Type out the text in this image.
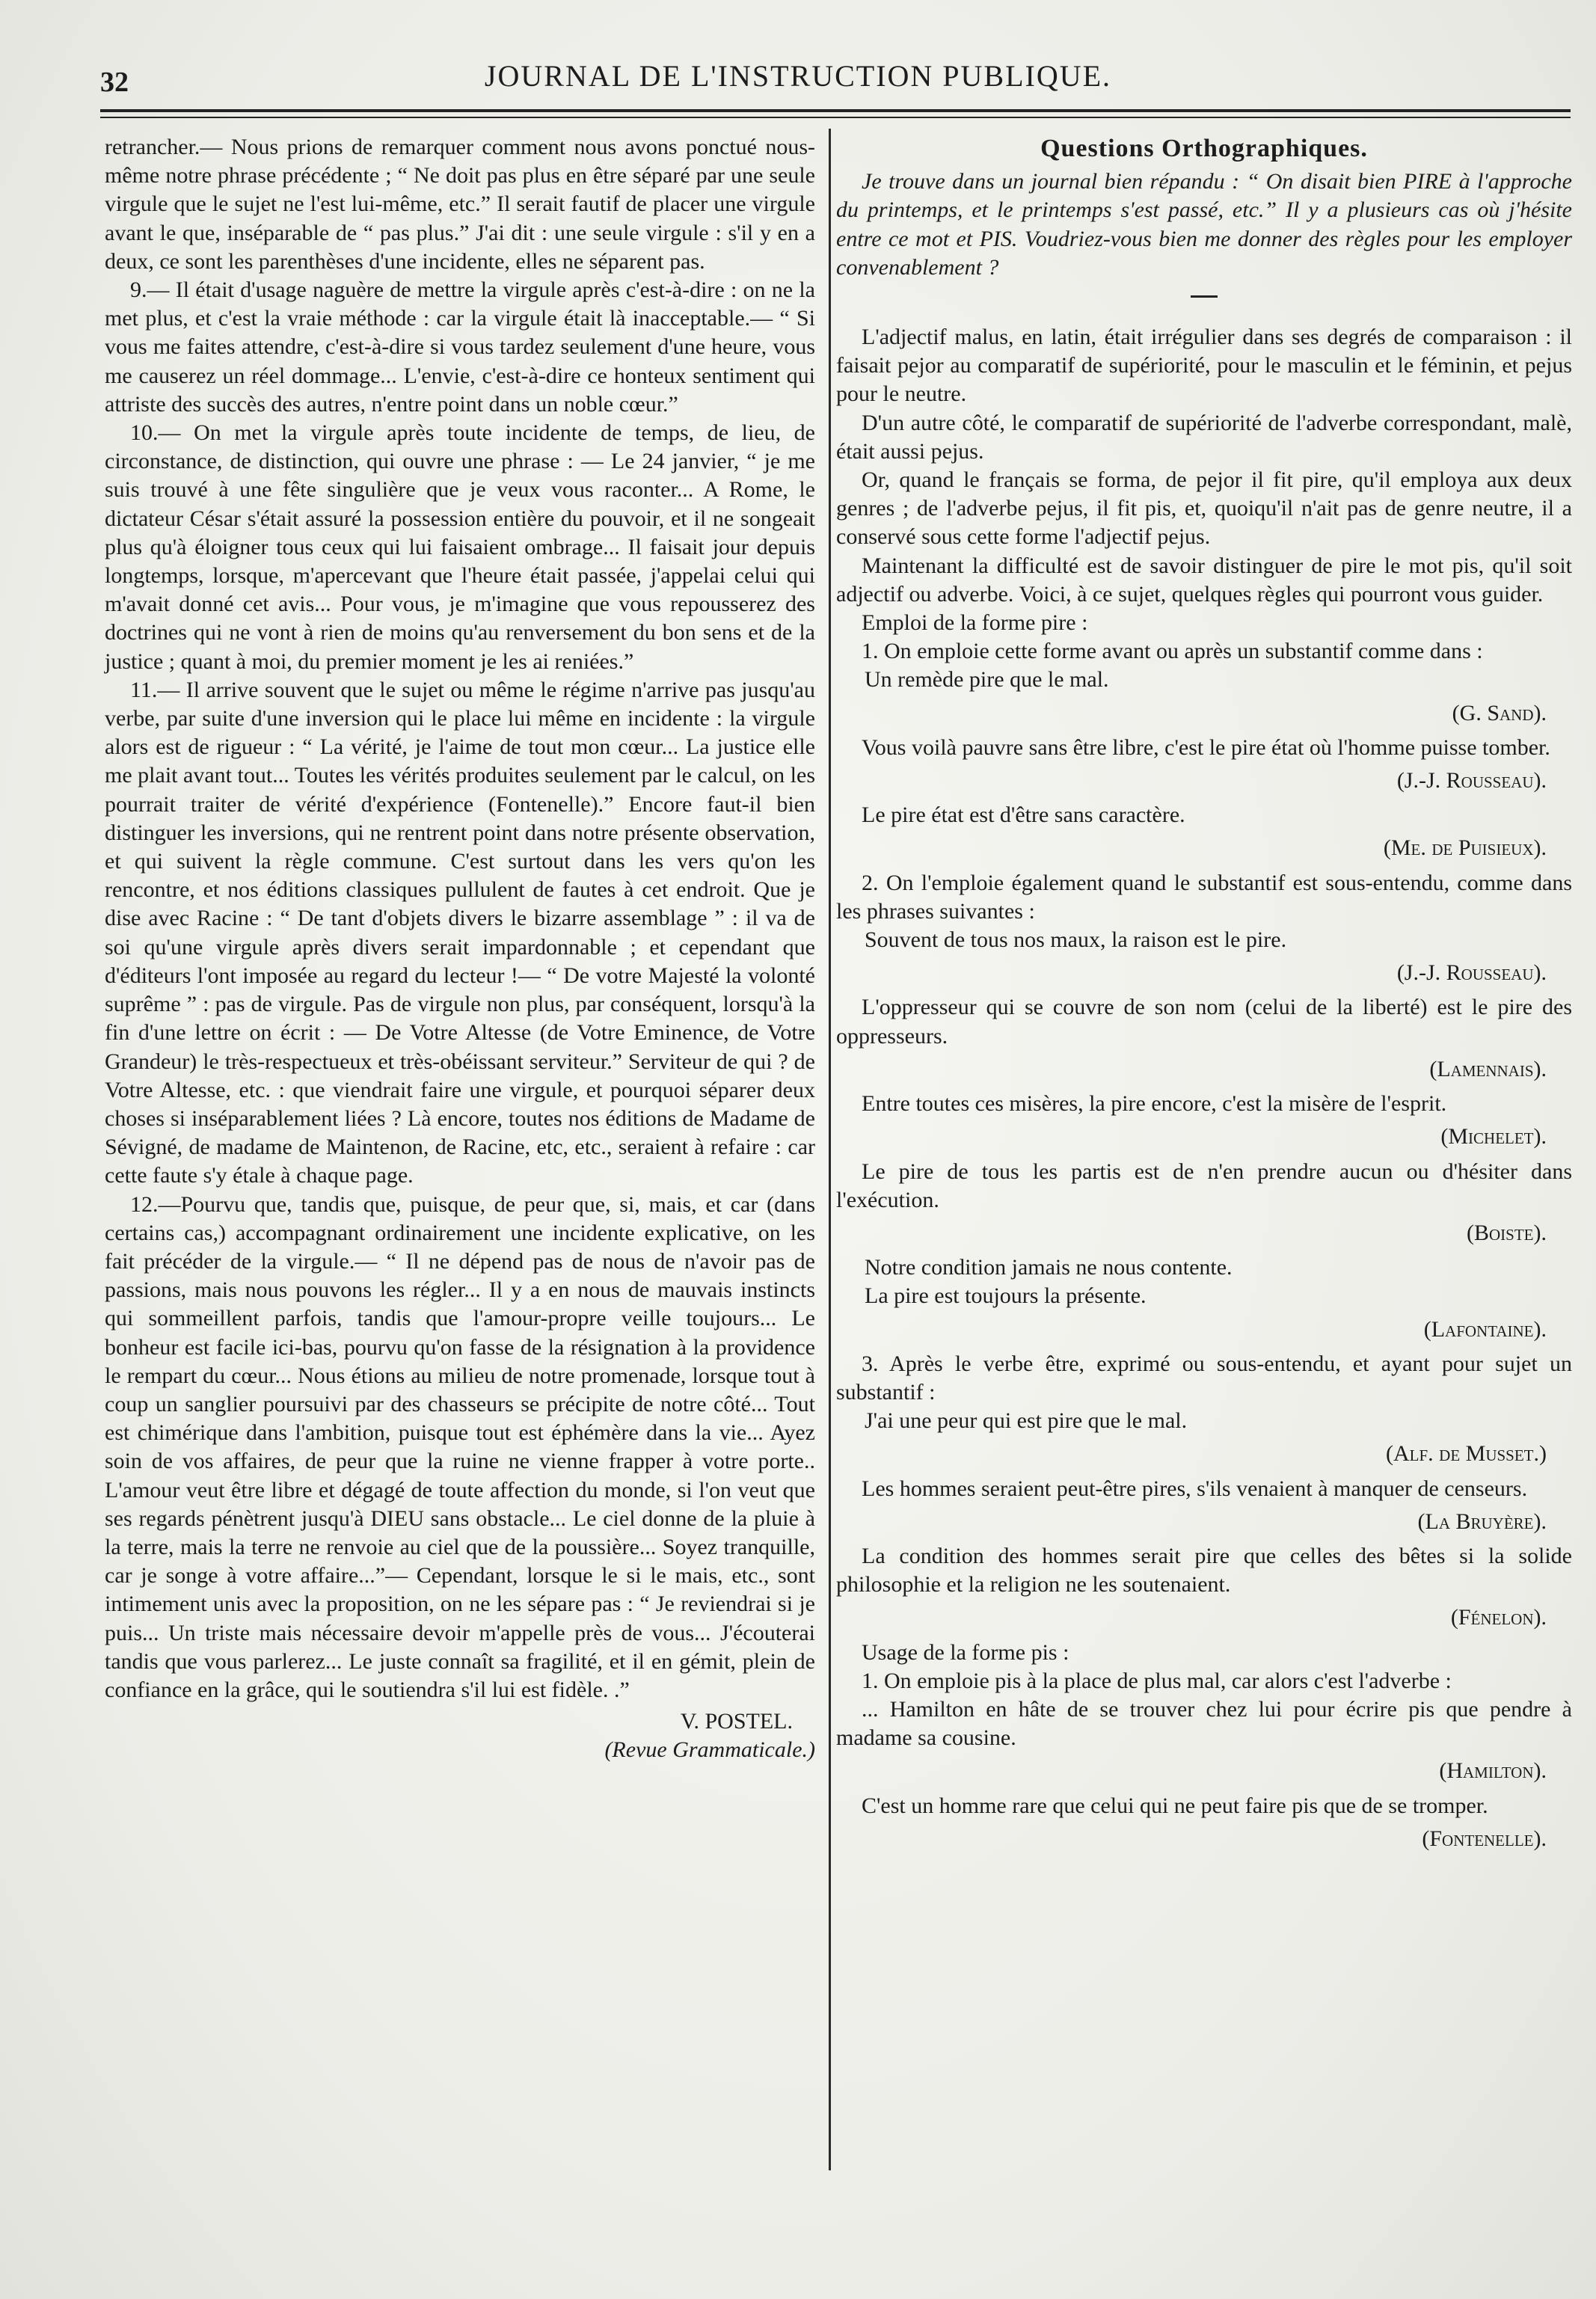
32	JOURNAL DE L'INSTRUCTION PUBLIQUE.

retrancher.— Nous prions de remarquer comment nous avons ponctué nous-même notre phrase précédente ; “ Ne doit pas plus en être séparé par une seule virgule que le sujet ne l'est lui-même, etc.” Il serait fautif de placer une virgule avant le que, inséparable de “ pas plus.” J'ai dit : une seule virgule : s'il y en a deux, ce sont les parenthèses d'une incidente, elles ne séparent pas.

9.— Il était d'usage naguère de mettre la virgule après c'est-à-dire : on ne la met plus, et c'est la vraie méthode : car la virgule était là inacceptable.— “ Si vous me faites attendre, c'est-à-dire si vous tardez seulement d'une heure, vous me causerez un réel dommage... L'envie, c'est-à-dire ce honteux sentiment qui attriste des succès des autres, n'entre point dans un noble cœur.”

10.— On met la virgule après toute incidente de temps, de lieu, de circonstance, de distinction, qui ouvre une phrase : — Le 24 janvier, “ je me suis trouvé à une fête singulière que je veux vous raconter... A Rome, le dictateur César s'était assuré la possession entière du pouvoir, et il ne songeait plus qu'à éloigner tous ceux qui lui faisaient ombrage... Il faisait jour depuis longtemps, lorsque, m'apercevant que l'heure était passée, j'appelai celui qui m'avait donné cet avis... Pour vous, je m'imagine que vous repousserez des doctrines qui ne vont à rien de moins qu'au renversement du bon sens et de la justice ; quant à moi, du premier moment je les ai reniées.”

11.— Il arrive souvent que le sujet ou même le régime n'arrive pas jusqu'au verbe, par suite d'une inversion qui le place lui même en incidente : la virgule alors est de rigueur : “ La vérité, je l'aime de tout mon cœur... La justice elle me plait avant tout... Toutes les vérités produites seulement par le calcul, on les pourrait traiter de vérité d'expérience (Fontenelle).” Encore faut-il bien distinguer les inversions, qui ne rentrent point dans notre présente observation, et qui suivent la règle commune. C'est surtout dans les vers qu'on les rencontre, et nos éditions classiques pullulent de fautes à cet endroit. Que je dise avec Racine : “ De tant d'objets divers le bizarre assemblage ” : il va de soi qu'une virgule après divers serait impardonnable ; et cependant que d'éditeurs l'ont imposée au regard du lecteur !— “ De votre Majesté la volonté suprême ” : pas de virgule. Pas de virgule non plus, par conséquent, lorsqu'à la fin d'une lettre on écrit : — De Votre Altesse (de Votre Eminence, de Votre Grandeur) le très-respectueux et très-obéissant serviteur.” Serviteur de qui ? de Votre Altesse, etc. : que viendrait faire une virgule, et pourquoi séparer deux choses si inséparablement liées ? Là encore, toutes nos éditions de Madame de Sévigné, de madame de Maintenon, de Racine, etc, etc., seraient à refaire : car cette faute s'y étale à chaque page.

12.—Pourvu que, tandis que, puisque, de peur que, si, mais, et car (dans certains cas,) accompagnant ordinairement une incidente explicative, on les fait précéder de la virgule.— “ Il ne dépend pas de nous de n'avoir pas de passions, mais nous pouvons les régler... Il y a en nous de mauvais instincts qui sommeillent parfois, tandis que l'amour-propre veille toujours... Le bonheur est facile ici-bas, pourvu qu'on fasse de la résignation à la providence le rempart du cœur... Nous étions au milieu de notre promenade, lorsque tout à coup un sanglier poursuivi par des chasseurs se précipite de notre côté... Tout est chimérique dans l'ambition, puisque tout est éphémère dans la vie... Ayez soin de vos affaires, de peur que la ruine ne vienne frapper à votre porte.. L'amour veut être libre et dégagé de toute affection du monde, si l'on veut que ses regards pénètrent jusqu'à DIEU sans obstacle... Le ciel donne de la pluie à la terre, mais la terre ne renvoie au ciel que de la poussière... Soyez tranquille, car je songe à votre affaire...”— Cependant, lorsque le si le mais, etc., sont intimement unis avec la proposition, on ne les sépare pas : “ Je reviendrai si je puis... Un triste mais nécessaire devoir m'appelle près de vous... J'écouterai tandis que vous parlerez... Le juste connaît sa fragilité, et il en gémit, plein de confiance en la grâce, qui le soutiendra s'il lui est fidèle. .”

V. POSTEL.

(Revue Grammaticale.)

Questions Orthographiques.

Je trouve dans un journal bien répandu : “ On disait bien PIRE à l'approche du printemps, et le printemps s'est passé, etc.” Il y a plusieurs cas où j'hésite entre ce mot et PIS. Voudriez-vous bien me donner des règles pour les employer convenablement ?

L'adjectif malus, en latin, était irrégulier dans ses degrés de comparaison : il faisait pejor au comparatif de supériorité, pour le masculin et le féminin, et pejus pour le neutre.

D'un autre côté, le comparatif de supériorité de l'adverbe correspondant, malè, était aussi pejus.

Or, quand le français se forma, de pejor il fit pire, qu'il employa aux deux genres ; de l'adverbe pejus, il fit pis, et, quoiqu'il n'ait pas de genre neutre, il a conservé sous cette forme l'adjectif pejus.

Maintenant la difficulté est de savoir distinguer de pire le mot pis, qu'il soit adjectif ou adverbe. Voici, à ce sujet, quelques règles qui pourront vous guider.

Emploi de la forme pire :

1. On emploie cette forme avant ou après un substantif comme dans :

Un remède pire que le mal.

(G. Sand).

Vous voilà pauvre sans être libre, c'est le pire état où l'homme puisse tomber.

(J.-J. Rousseau).

Le pire état est d'être sans caractère.

(Me. de Puisieux).

2. On l'emploie également quand le substantif est sous-entendu, comme dans les phrases suivantes :

Souvent de tous nos maux, la raison est le pire.

(J.-J. Rousseau).

L'oppresseur qui se couvre de son nom (celui de la liberté) est le pire des oppresseurs.

(Lamennais).

Entre toutes ces misères, la pire encore, c'est la misère de l'esprit.

(Michelet).

Le pire de tous les partis est de n'en prendre aucun ou d'hésiter dans l'exécution.

(Boiste).

Notre condition jamais ne nous contente.

La pire est toujours la présente.

(Lafontaine).

3. Après le verbe être, exprimé ou sous-entendu, et ayant pour sujet un substantif :

J'ai une peur qui est pire que le mal.

(Alf. de Musset.)

Les hommes seraient peut-être pires, s'ils venaient à manquer de censeurs.

(La Bruyère).

La condition des hommes serait pire que celles des bêtes si la solide philosophie et la religion ne les soutenaient.

(Fénelon).

Usage de la forme pis :

1. On emploie pis à la place de plus mal, car alors c'est l'adverbe :

... Hamilton en hâte de se trouver chez lui pour écrire pis que pendre à madame sa cousine.

(Hamilton).

C'est un homme rare que celui qui ne peut faire pis que de se tromper.

(Fontenelle).
